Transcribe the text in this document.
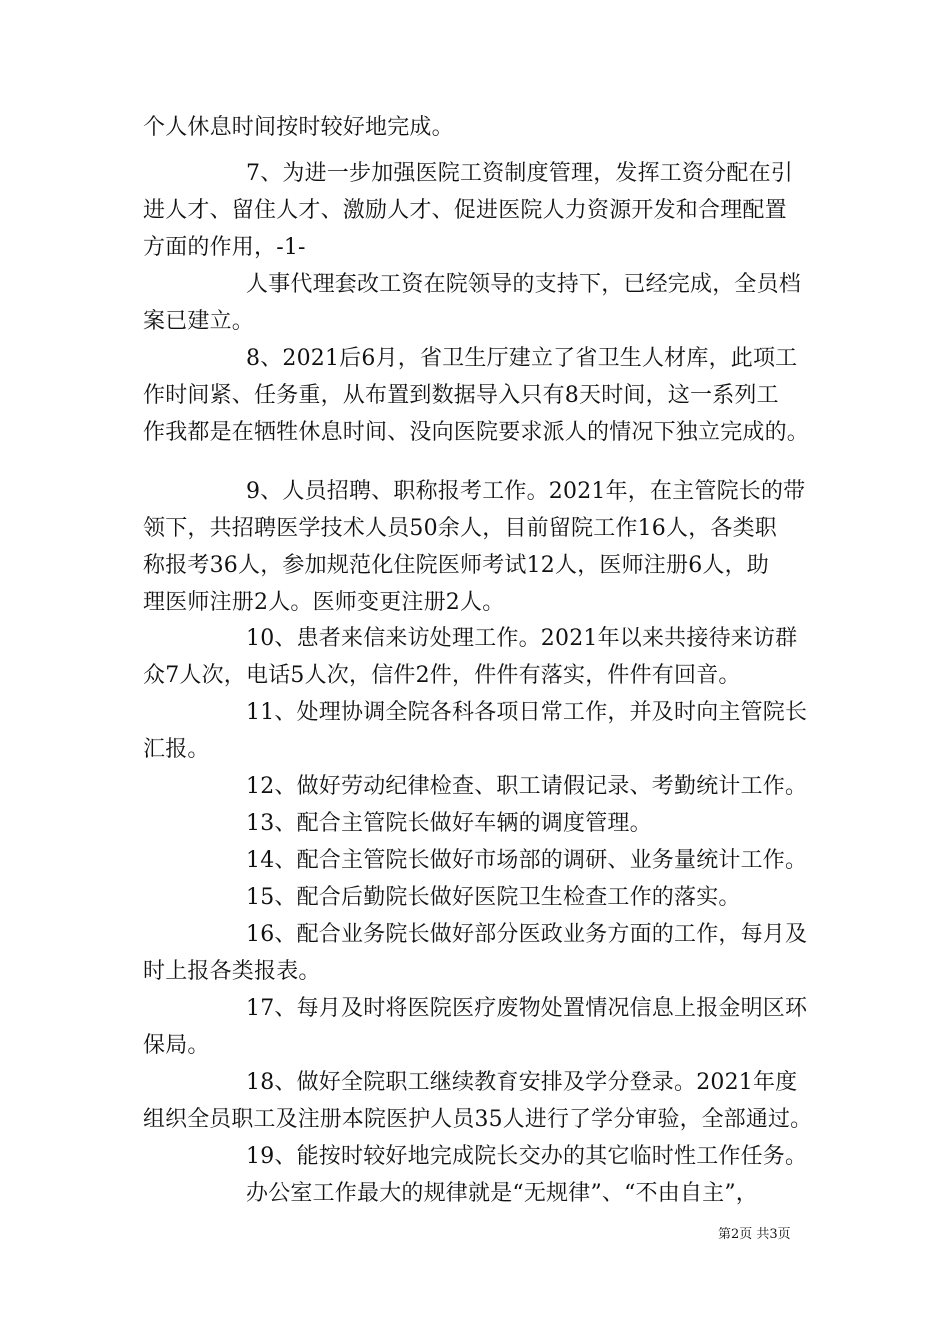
个人休息时间按时较好地完成。
7、为进一步加强医院工资制度管理，发挥工资分配在引
进人才、留住人才、激励人才、促进医院人力资源开发和合理配置
方面的作用，-1-
人事代理套改工资在院领导的支持下，已经完成，全员档
案已建立。
8、2021后6月，省卫生厅建立了省卫生人材库，此项工
作时间紧、任务重，从布置到数据导入只有8天时间，这一系列工
作我都是在牺牲休息时间、没向医院要求派人的情况下独立完成的。
9、人员招聘、职称报考工作。2021年，在主管院长的带
领下，共招聘医学技术人员50余人，目前留院工作16人，各类职
称报考36人，参加规范化住院医师考试12人，医师注册6人，助
理医师注册2人。医师变更注册2人。
10、患者来信来访处理工作。2021年以来共接待来访群
众7人次，电话5人次，信件2件，件件有落实，件件有回音。
11、处理协调全院各科各项日常工作，并及时向主管院长
汇报。
12、做好劳动纪律检查、职工请假记录、考勤统计工作。
13、配合主管院长做好车辆的调度管理。
14、配合主管院长做好市场部的调研、业务量统计工作。
15、配合后勤院长做好医院卫生检查工作的落实。
16、配合业务院长做好部分医政业务方面的工作，每月及
时上报各类报表。
17、每月及时将医院医疗废物处置情况信息上报金明区环
保局。
18、做好全院职工继续教育安排及学分登录。2021年度
组织全员职工及注册本院医护人员35人进行了学分审验，全部通过。
19、能按时较好地完成院长交办的其它临时性工作任务。
办公室工作最大的规律就是“无规律”、“不由自主”，
第2页 共3页
